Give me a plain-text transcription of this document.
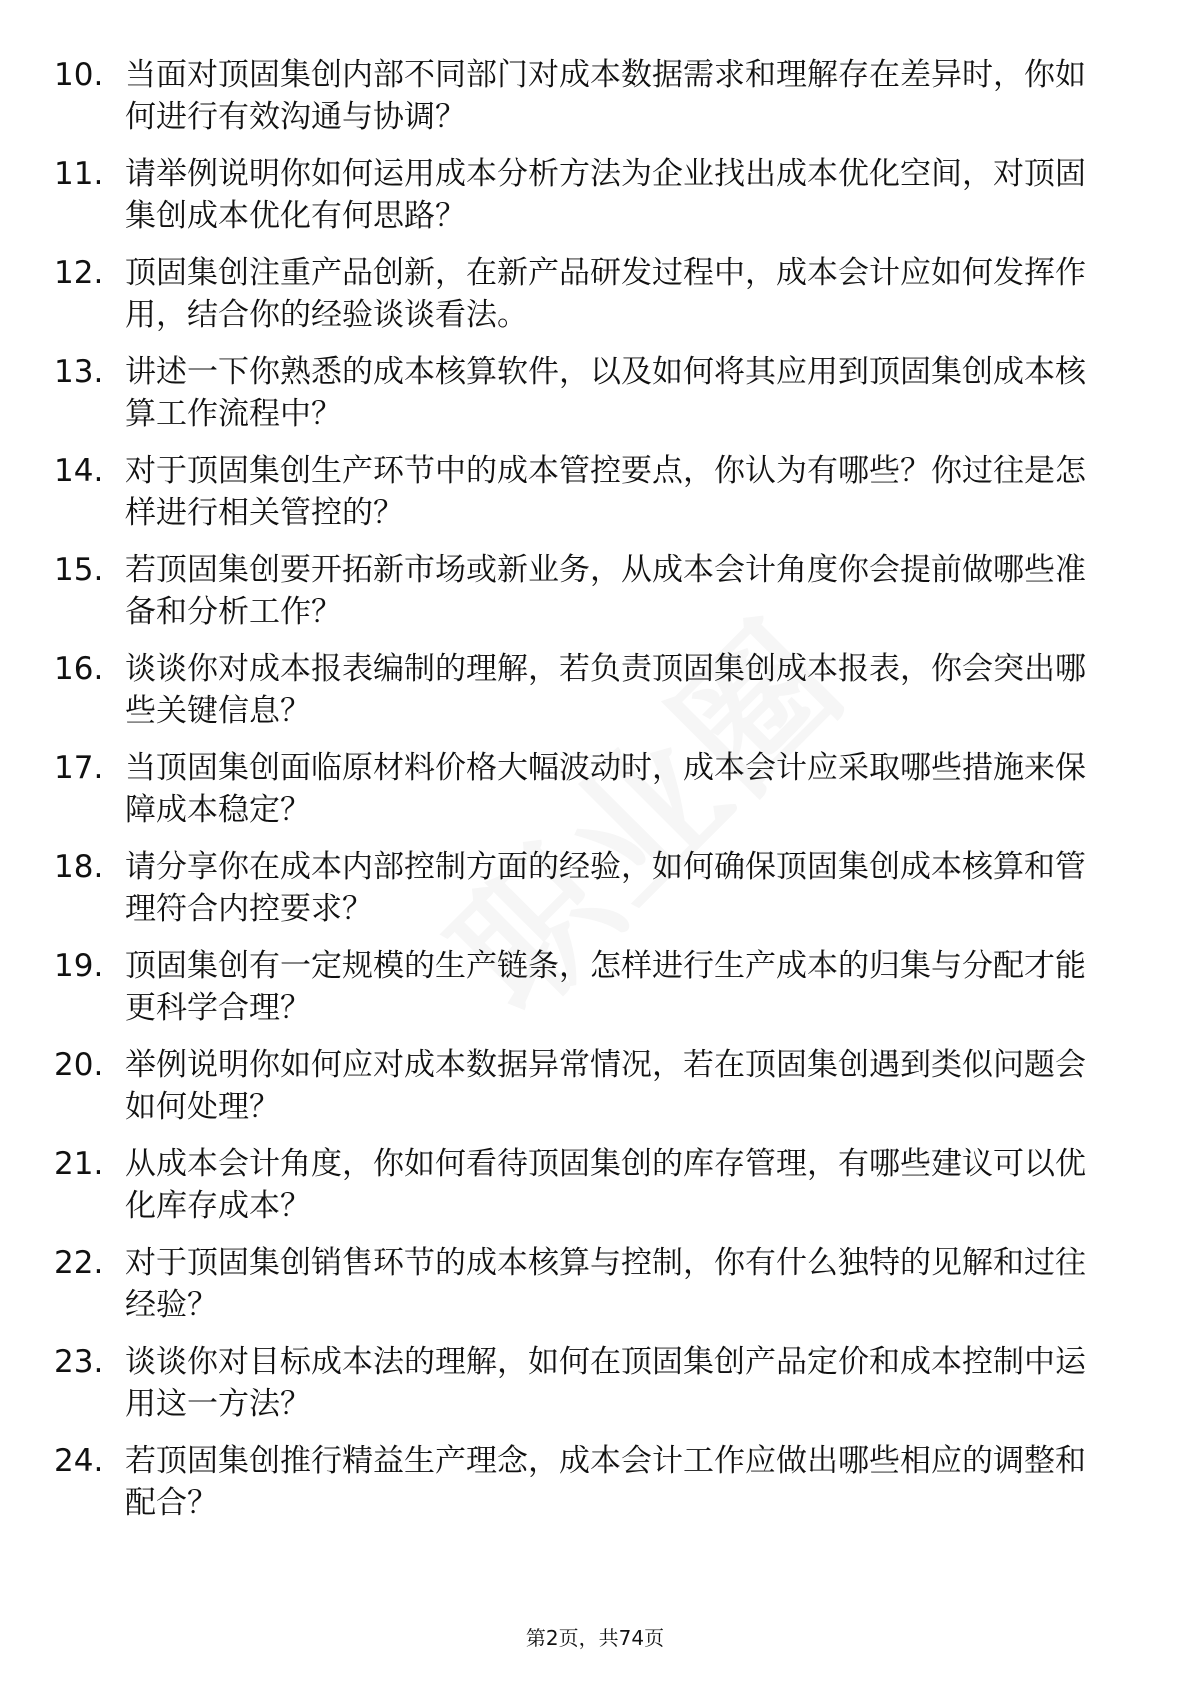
10. 当面对顶固集创内部不同部门对成本数据需求和理解存在差异时，你如何进行有效沟通与协调？
11. 请举例说明你如何运用成本分析方法为企业找出成本优化空间，对顶固集创成本优化有何思路？
12. 顶固集创注重产品创新，在新产品研发过程中，成本会计应如何发挥作用，结合你的经验谈谈看法。
13. 讲述一下你熟悉的成本核算软件，以及如何将其应用到顶固集创成本核算工作流程中？
14. 对于顶固集创生产环节中的成本管控要点，你认为有哪些？你过往是怎样进行相关管控的？
15. 若顶固集创要开拓新市场或新业务，从成本会计角度你会提前做哪些准备和分析工作？
16. 谈谈你对成本报表编制的理解，若负责顶固集创成本报表，你会突出哪些关键信息？
17. 当顶固集创面临原材料价格大幅波动时，成本会计应采取哪些措施来保障成本稳定？
18. 请分享你在成本内部控制方面的经验，如何确保顶固集创成本核算和管理符合内控要求？
19. 顶固集创有一定规模的生产链条，怎样进行生产成本的归集与分配才能更科学合理？
20. 举例说明你如何应对成本数据异常情况，若在顶固集创遇到类似问题会如何处理？
21. 从成本会计角度，你如何看待顶固集创的库存管理，有哪些建议可以优化库存成本？
22. 对于顶固集创销售环节的成本核算与控制，你有什么独特的见解和过往经验？
23. 谈谈你对目标成本法的理解，如何在顶固集创产品定价和成本控制中运用这一方法？
24. 若顶固集创推行精益生产理念，成本会计工作应做出哪些相应的调整和配合？
第2页，共74页
